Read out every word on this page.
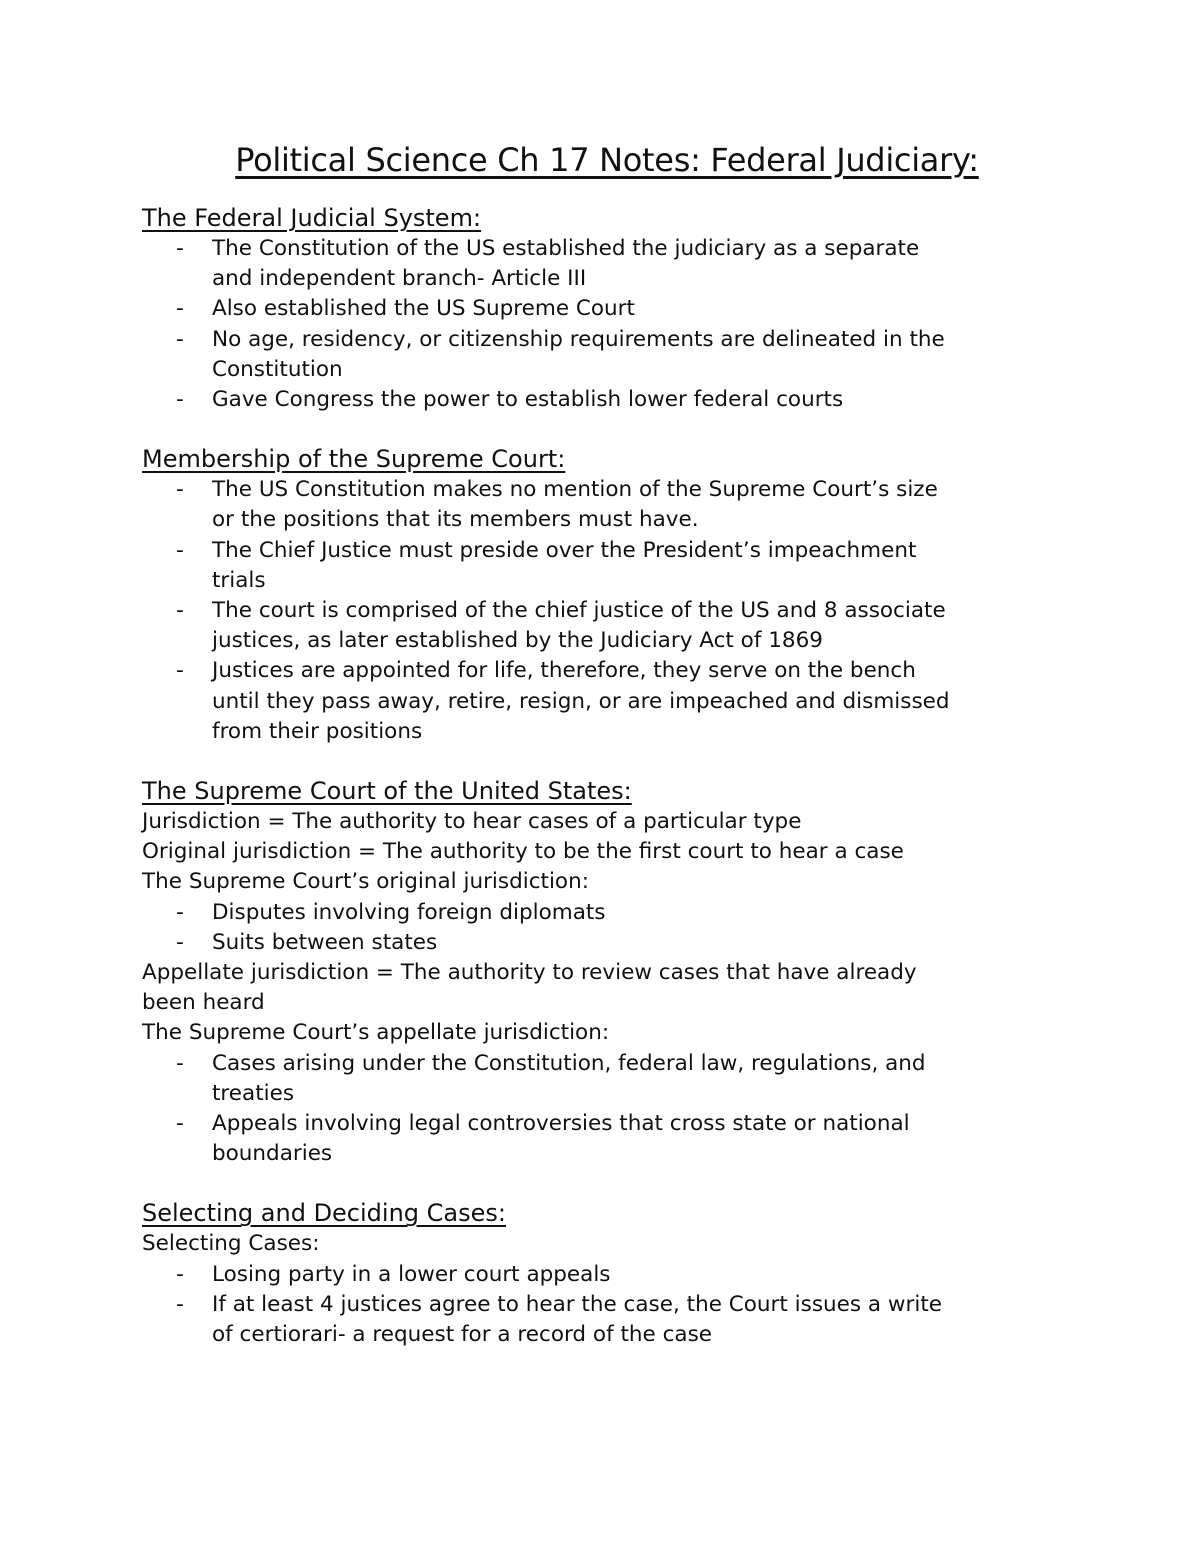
Political Science Ch 17 Notes: Federal Judiciary:
The Federal Judicial System:
- The Constitution of the US established the judiciary as a separate
and independent branch- Article III
- Also established the US Supreme Court
- No age, residency, or citizenship requirements are delineated in the
Constitution
- Gave Congress the power to establish lower federal courts
Membership of the Supreme Court:
- The US Constitution makes no mention of the Supreme Court’s size
or the positions that its members must have.
- The Chief Justice must preside over the President’s impeachment
trials
- The court is comprised of the chief justice of the US and 8 associate
justices, as later established by the Judiciary Act of 1869
- Justices are appointed for life, therefore, they serve on the bench
until they pass away, retire, resign, or are impeached and dismissed
from their positions
The Supreme Court of the United States:

Jurisdiction = The authority to hear cases of a particular type

Original jurisdiction = The authority to be the first court to hear a case

The Supreme Court’s original jurisdiction:

- Disputes involving foreign diplomats
- Suits between states

Appellate jurisdiction = The authority to review cases that have already

been heard

The Supreme Court’s appellate jurisdiction:

- Cases arising under the Constitution, federal law, regulations, and
treaties
- Appeals involving legal controversies that cross state or national
boundaries
Selecting and Deciding Cases:

Selecting Cases:

- Losing party in a lower court appeals
- If at least 4 justices agree to hear the case, the Court issues a write
of certiorari- a request for a record of the case
